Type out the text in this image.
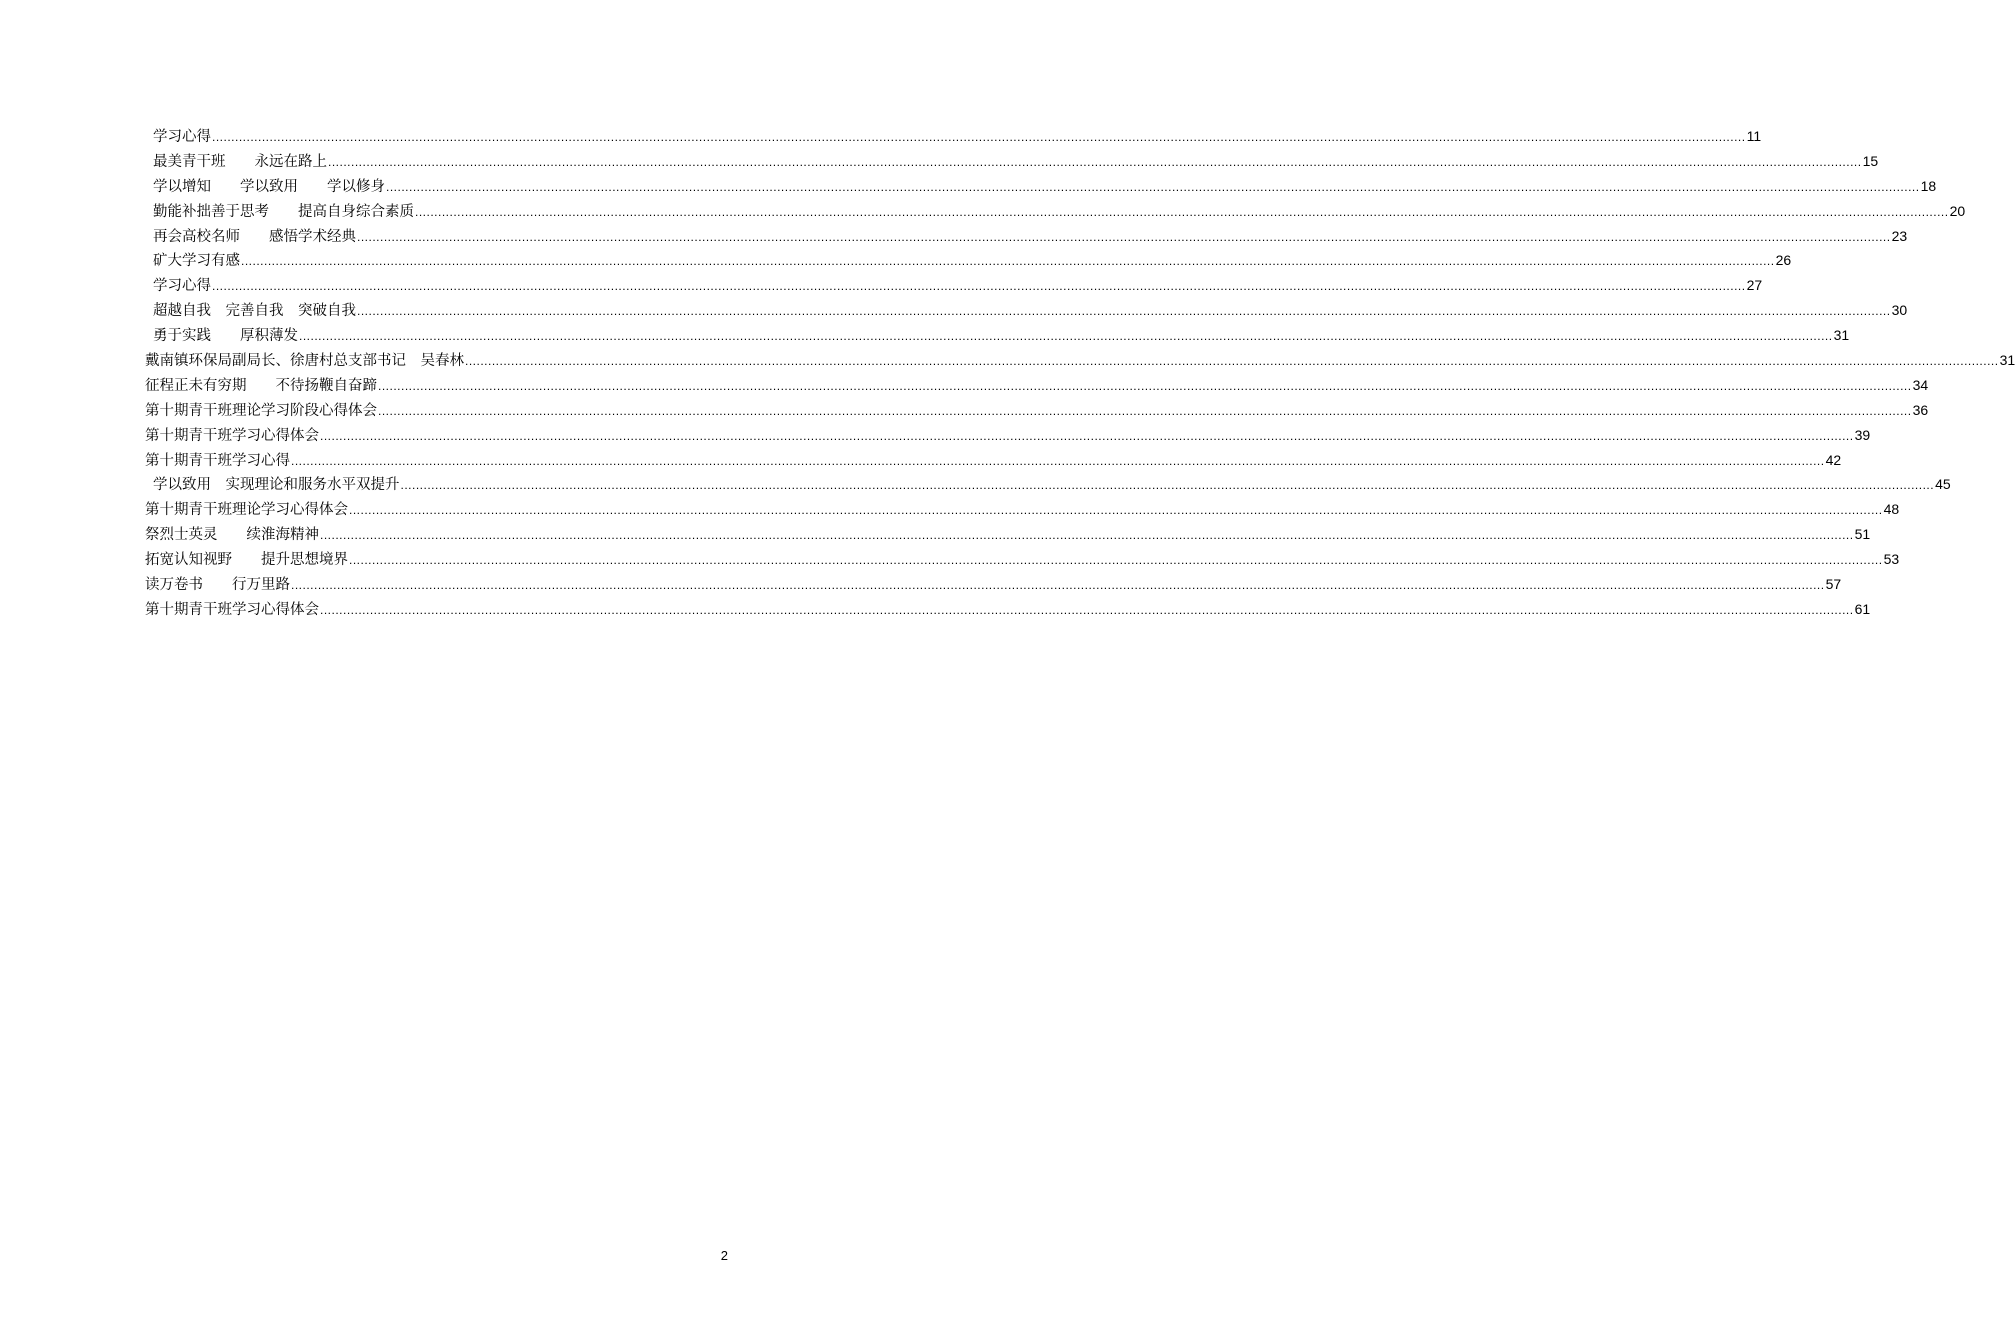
学习心得 ................................................................................................................................................................................................................................................................................................................................................................................................................ 11
最美青干班　　永远在路上 ................................................................................................................................................................................................................................................................................................................................................................................................................ 15
学以增知　　学以致用　　学以修身 ................................................................................................................................................................................................................................................................................................................................................................................................................ 18
勤能补拙善于思考　　提高自身综合素质 ................................................................................................................................................................................................................................................................................................................................................................................................................ 20
再会高校名师　　感悟学术经典 ................................................................................................................................................................................................................................................................................................................................................................................................................ 23
矿大学习有感 ................................................................................................................................................................................................................................................................................................................................................................................................................ 26
学习心得 ................................................................................................................................................................................................................................................................................................................................................................................................................ 27
超越自我　完善自我　突破自我 ................................................................................................................................................................................................................................................................................................................................................................................................................ 30
勇于实践　　厚积薄发 ................................................................................................................................................................................................................................................................................................................................................................................................................ 31
戴南镇环保局副局长、徐唐村总支部书记　吴春林 ................................................................................................................................................................................................................................................................................................................................................................................................................ 31
征程正未有穷期　　不待扬鞭自奋蹄 ................................................................................................................................................................................................................................................................................................................................................................................................................ 34
第十期青干班理论学习阶段心得体会 ................................................................................................................................................................................................................................................................................................................................................................................................................ 36
第十期青干班学习心得体会 ................................................................................................................................................................................................................................................................................................................................................................................................................ 39
第十期青干班学习心得 ................................................................................................................................................................................................................................................................................................................................................................................................................ 42
学以致用　实现理论和服务水平双提升 ................................................................................................................................................................................................................................................................................................................................................................................................................ 45
第十期青干班理论学习心得体会 ................................................................................................................................................................................................................................................................................................................................................................................................................ 48
祭烈士英灵　　续淮海精神 ................................................................................................................................................................................................................................................................................................................................................................................................................ 51
拓宽认知视野　　提升思想境界 ................................................................................................................................................................................................................................................................................................................................................................................................................ 53
读万卷书　　行万里路 ................................................................................................................................................................................................................................................................................................................................................................................................................ 57
第十期青干班学习心得体会 ................................................................................................................................................................................................................................................................................................................................................................................................................ 61
2
